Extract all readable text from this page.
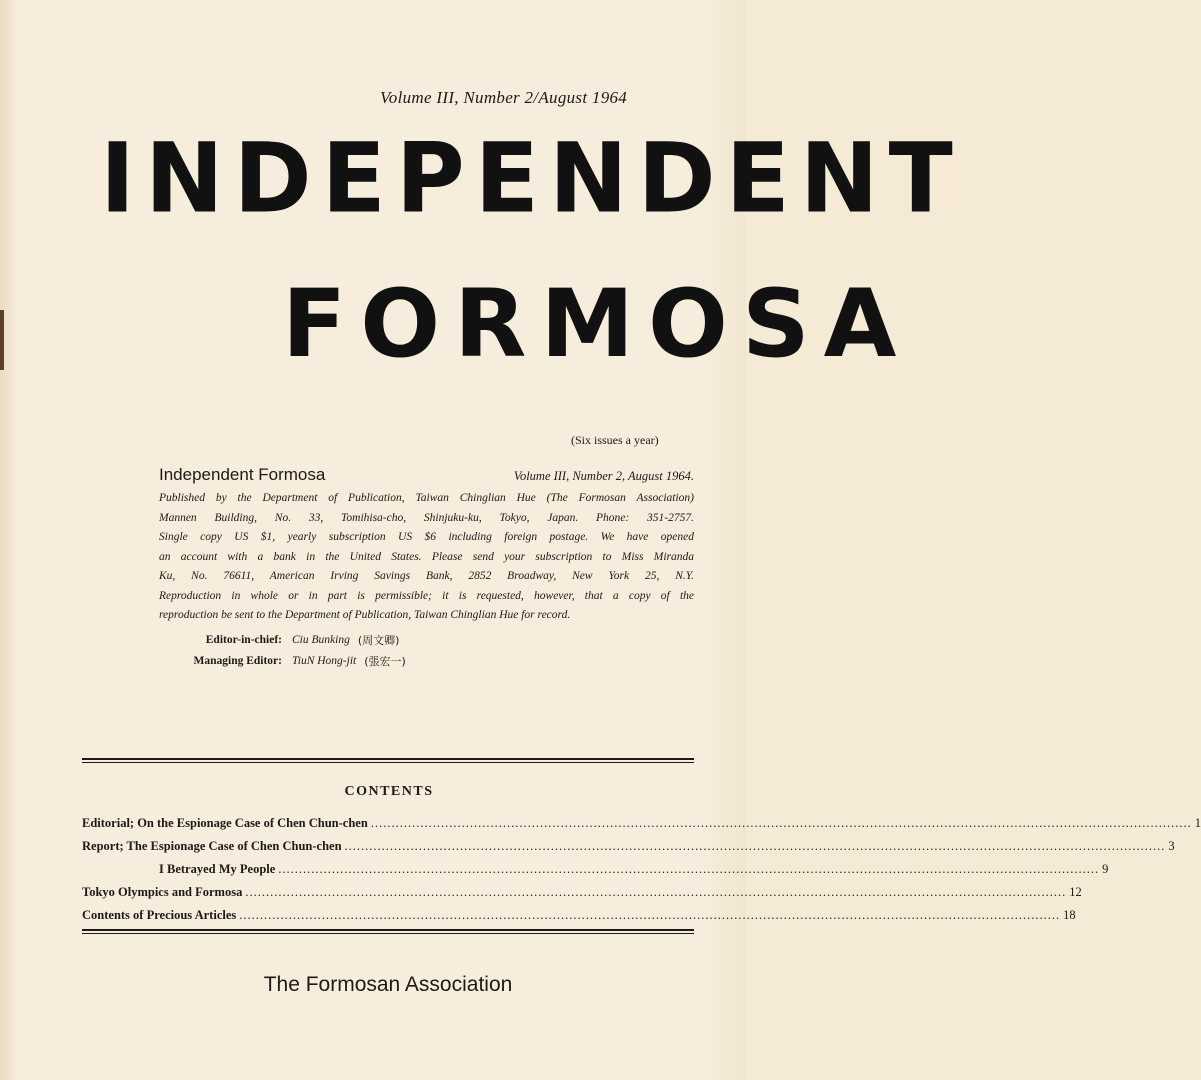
Volume III, Number 2/August 1964
INDEPENDENT
FORMOSA
(Six issues a year)
Independent Formosa	Volume III, Number 2, August 1964.
Published by the Department of Publication, Taiwan Chinglian Hue (The Formosan Association)
Mannen Building, No. 33, Tomihisa-cho, Shinjuku-ku, Tokyo, Japan. Phone: 351-2757.
Single copy US $1, yearly subscription US $6 including foreign postage. We have opened
an account with a bank in the United States. Please send your subscription to Miss Miranda
Ku, No. 76611, American Irving Savings Bank, 2852 Broadway, New York 25, N.Y.
Reproduction in whole or in part is permissible; it is requested, however, that a copy of the
reproduction be sent to the Department of Publication, Taiwan Chinglian Hue for record.
Editor-in-chief: Ciu Bunking (周文卿)
Managing Editor: TiuN Hong-jit (張宏一)
CONTENTS
Editorial; On the Espionage Case of Chen Chun-chen .....	1
Report; The Espionage Case of Chen Chun-chen .....	3
I Betrayed My People .....	9
Tokyo Olympics and Formosa .....	12
Contents of Precious Articles .....	18
The Formosan Association
